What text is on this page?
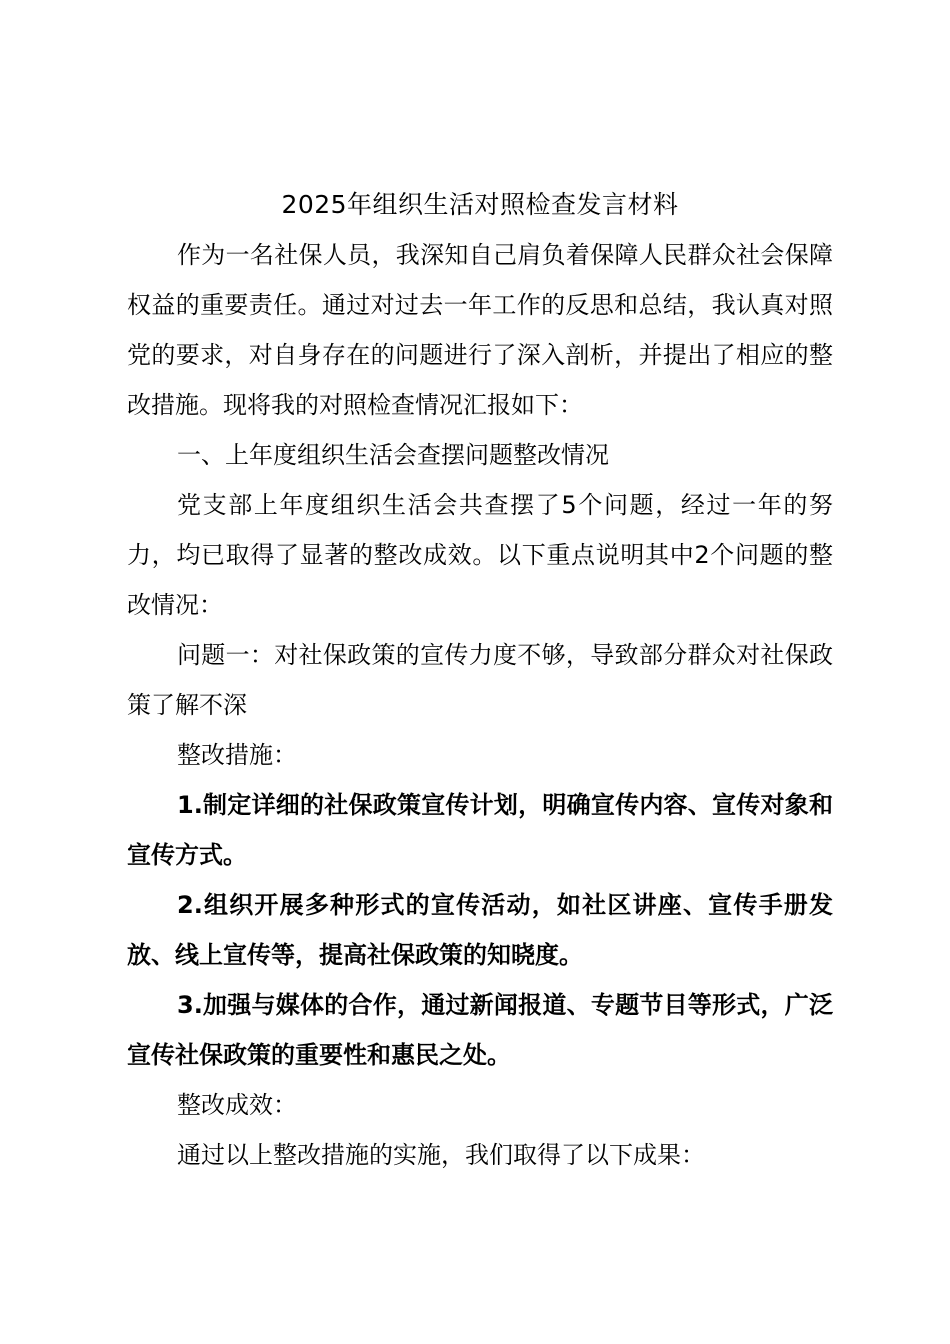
2025年组织生活对照检查发言材料

作为一名社保人员，我深知自己肩负着保障人民群众社会保障权益的重要责任。通过对过去一年工作的反思和总结，我认真对照党的要求，对自身存在的问题进行了深入剖析，并提出了相应的整改措施。现将我的对照检查情况汇报如下：

一、上年度组织生活会查摆问题整改情况

党支部上年度组织生活会共查摆了5个问题，经过一年的努力，均已取得了显著的整改成效。以下重点说明其中2个问题的整改情况：

问题一：对社保政策的宣传力度不够，导致部分群众对社保政策了解不深

整改措施：

1.制定详细的社保政策宣传计划，明确宣传内容、宣传对象和宣传方式。

2.组织开展多种形式的宣传活动，如社区讲座、宣传手册发放、线上宣传等，提高社保政策的知晓度。

3.加强与媒体的合作，通过新闻报道、专题节目等形式，广泛宣传社保政策的重要性和惠民之处。

整改成效：

通过以上整改措施的实施，我们取得了以下成果：
